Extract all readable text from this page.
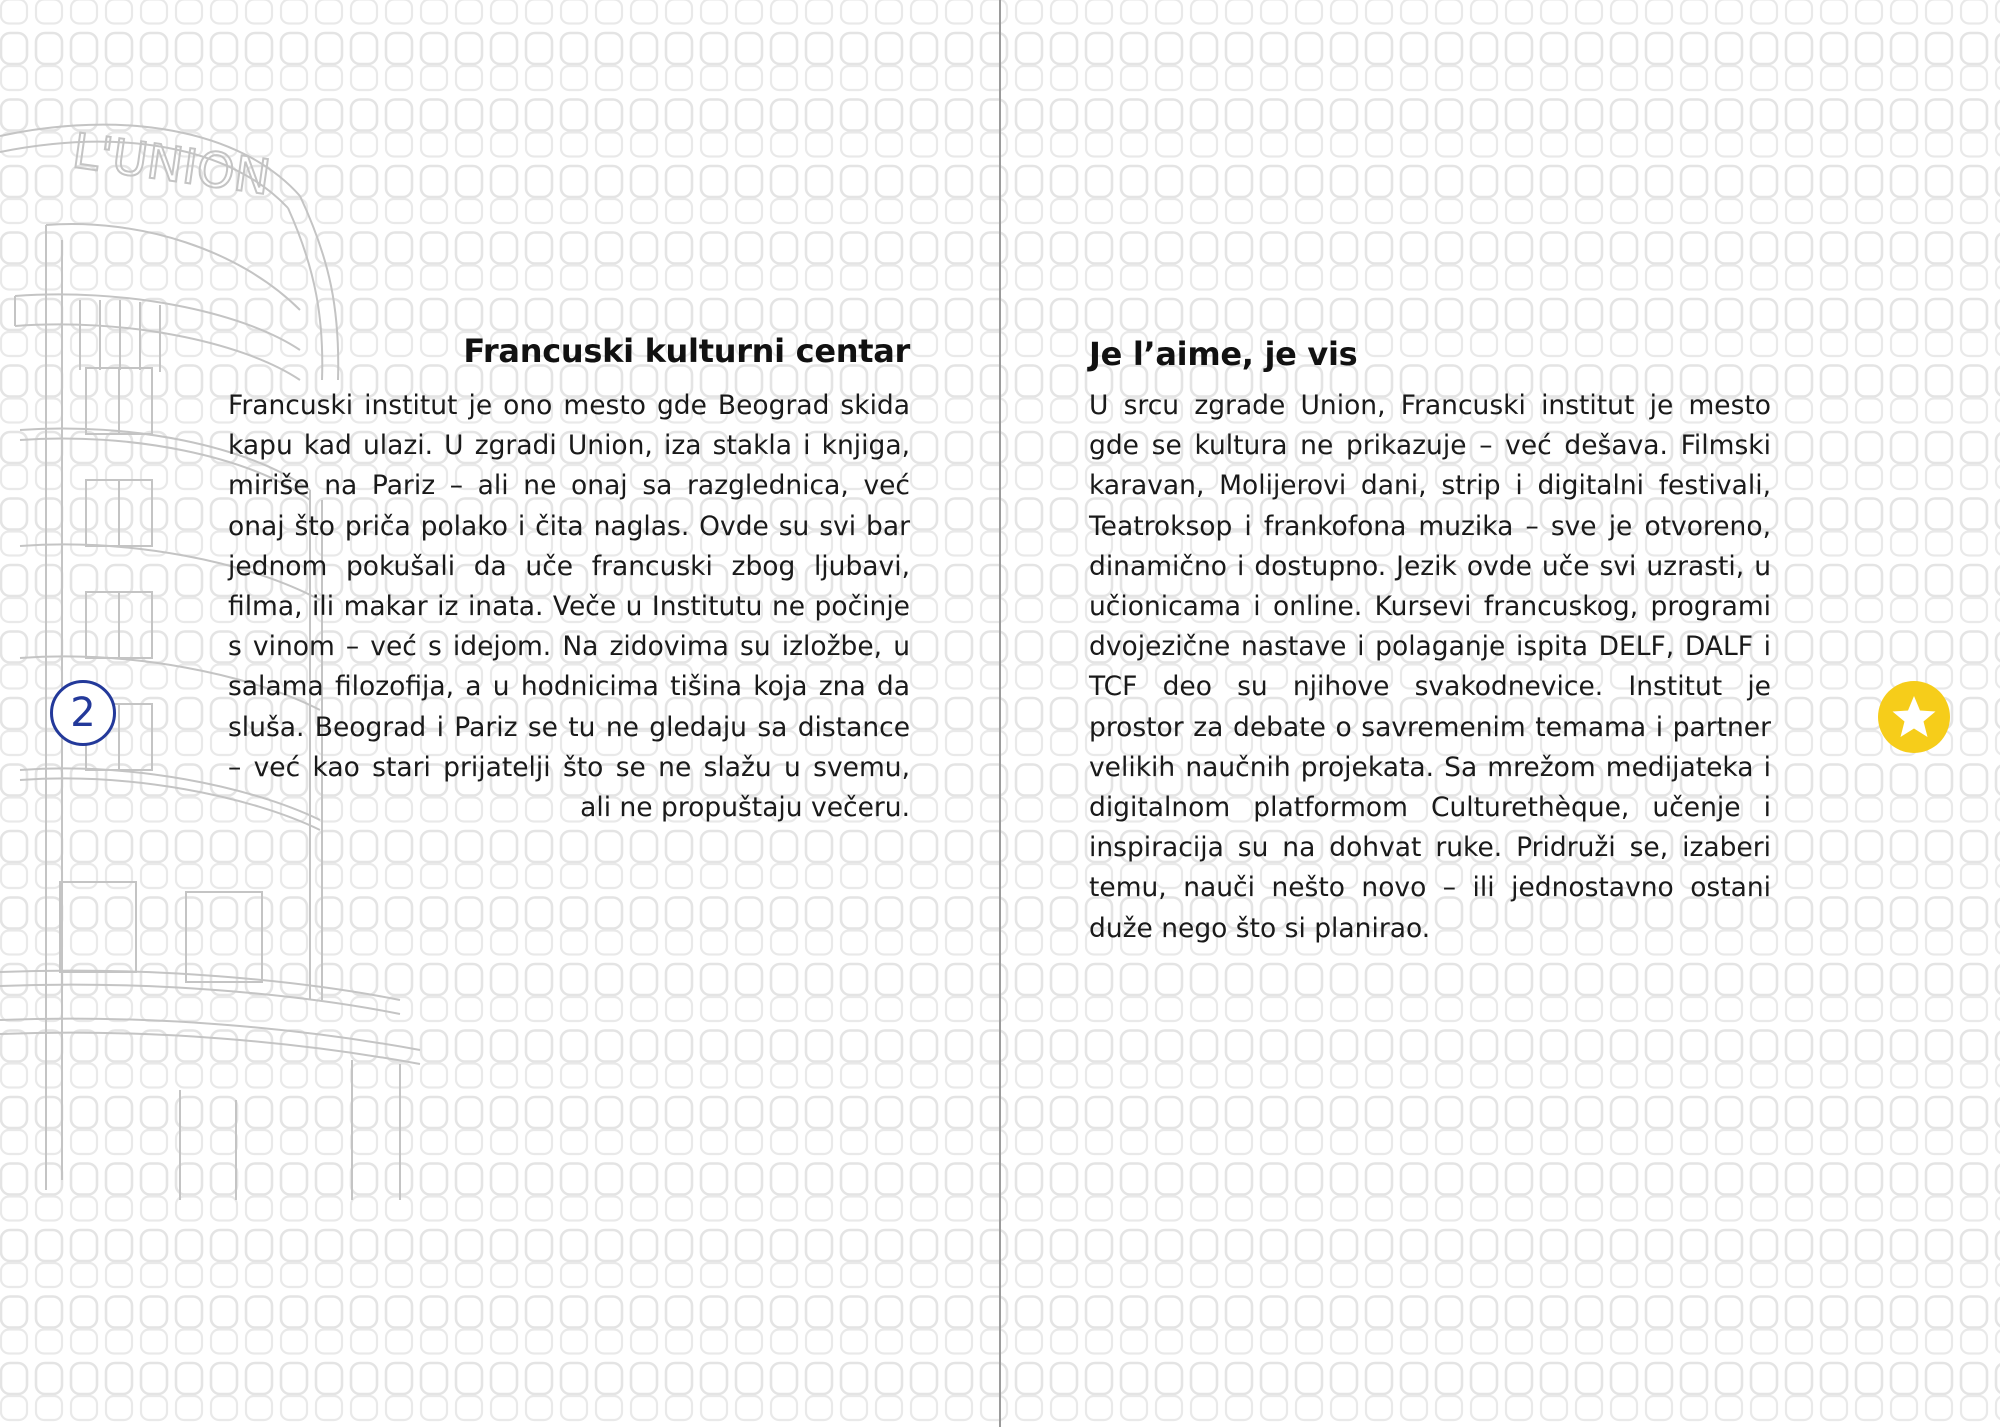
L'UNION
Francuski kulturni centar

Francuski institut je ono mesto gde Beograd skida kapu kad ulazi. U zgradi Union, iza stakla i knjiga, miriše na Pariz – ali ne onaj sa razglednica, već onaj što priča polako i čita naglas. Ovde su svi bar jednom pokušali da uče francuski zbog ljubavi, filma, ili makar iz inata. Veče u Institutu ne počinje s vinom – već s idejom. Na zidovima su izložbe, u salama filozofija, a u hodnicima tišina koja zna da sluša. Beograd i Pariz se tu ne gledaju sa distance – već kao stari prijatelji što se ne slažu u svemu, ali ne propuštaju večeru.

2
Je l’aime, je vis

U srcu zgrade Union, Francuski institut je mesto gde se kultura ne prikazuje – već dešava. Filmski karavan, Molijerovi dani, strip i digitalni festivali, Teatroksop i frankofona muzika – sve je otvoreno, dinamično i dostupno. Jezik ovde uče svi uzrasti, u učionicama i online. Kursevi francuskog, programi dvojezične nastave i polaganje ispita DELF, DALF i TCF deo su njihove svakodnevice. Institut je prostor za debate o savremenim temama i partner velikih naučnih projekata. Sa mrežom medijateka i digitalnom platformom Culturethèque, učenje i inspiracija su na dohvat ruke. Pridruži se, izaberi temu, nauči nešto novo – ili jednostavno ostani duže nego što si planirao.
